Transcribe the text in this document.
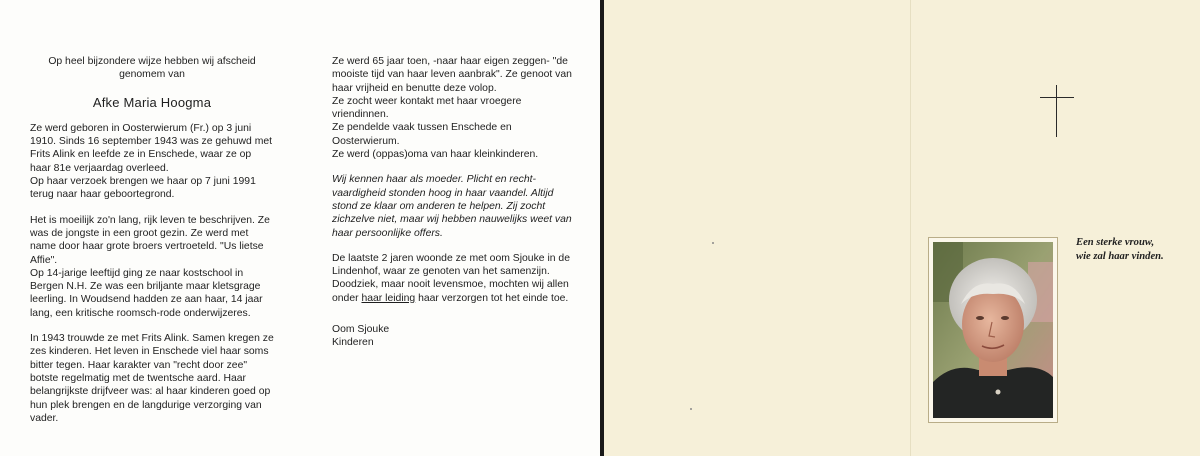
Op heel bijzondere wijze hebben wij afscheid
genomem van

Afke Maria Hoogma

Ze werd geboren in Oosterwierum (Fr.) op 3 juni 1910. Sinds 16 september 1943 was ze gehuwd met Frits Alink en leefde ze in Enschede, waar ze op haar 81e verjaardag overleed.

Op haar verzoek brengen we haar op 7 juni 1991 terug naar haar geboortegrond.

Het is moeilijk zo'n lang, rijk leven te beschrijven. Ze was de jongste in een groot gezin. Ze werd met name door haar grote broers vertroeteld. "Us lietse Affie".

Op 14-jarige leeftijd ging ze naar kostschool in Bergen N.H. Ze was een briljante maar kletsgrage leerling. In Woudsend hadden ze aan haar, 14 jaar lang, een kritische roomsch-rode onderwijzeres.

In 1943 trouwde ze met Frits Alink. Samen kregen ze zes kinderen. Het leven in Enschede viel haar soms bitter tegen. Haar karakter van "recht door zee" botste regelmatig met de twentsche aard. Haar belangrijkste drijfveer was: al haar kinderen goed op hun plek brengen en de langdurige verzorging van vader.

Ze werd 65 jaar toen, -naar haar eigen zeggen- "de mooiste tijd van haar leven aanbrak". Ze genoot van haar vrijheid en benutte deze volop.
Ze zocht weer kontakt met haar vroegere vriendinnen.
Ze pendelde vaak tussen Enschede en Oosterwierum.
Ze werd (oppas)oma van haar kleinkinderen.

Wij kennen haar als moeder. Plicht en recht-vaardigheid stonden hoog in haar vaandel. Altijd stond ze klaar om anderen te helpen. Zij zocht zichzelve niet, maar wij hebben nauwelijks weet van haar persoonlijke offers.

De laatste 2 jaren woonde ze met oom Sjouke in de Lindenhof, waar ze genoten van het samenzijn. Doodziek, maar nooit levensmoe, mochten wij allen onder haar leiding haar verzorgen tot het einde toe.

Oom Sjouke
Kinderen

Een sterke vrouw,
wie zal haar vinden.
